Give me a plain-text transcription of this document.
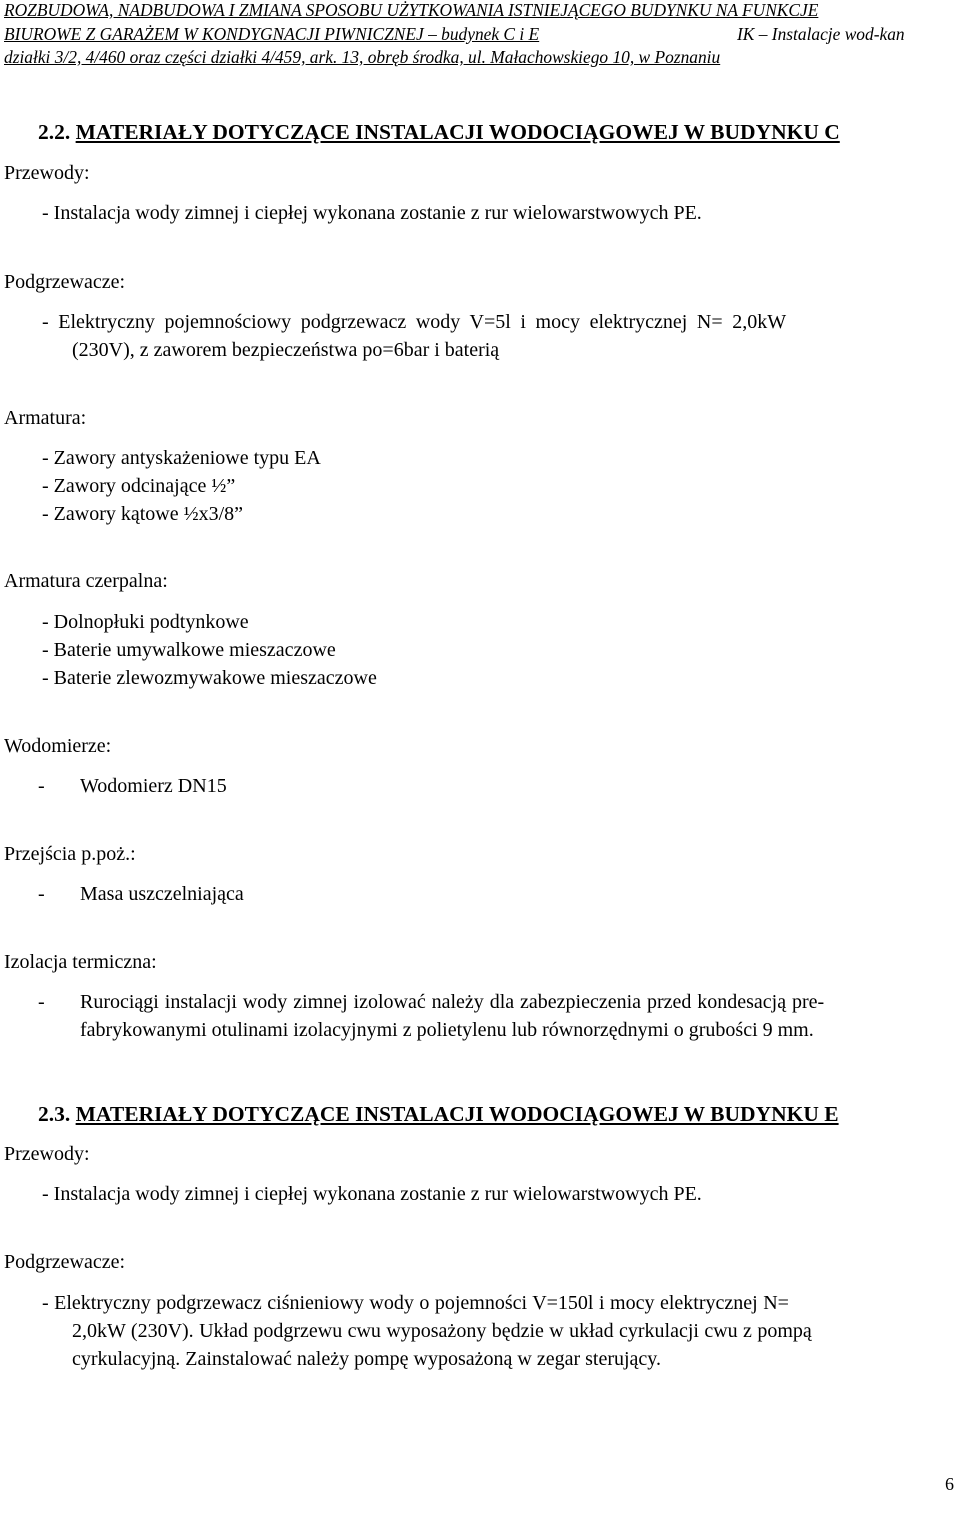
ROZBUDOWA, NADBUDOWA I ZMIANA SPOSOBU UŻYTKOWANIA ISTNIEJĄCEGO BUDYNKU NA FUNKCJE
BIUROWE Z GARAŻEM W KONDYGNACJI PIWNICZNEJ – budynek C i E	IK – Instalacje wod-kan
działki 3/2, 4/460 oraz części działki 4/459, ark. 13, obręb środka, ul. Małachowskiego 10, w Poznaniu
2.2. MATERIAŁY DOTYCZĄCE INSTALACJI WODOCIĄGOWEJ W BUDYNKU C
Przewody:
- Instalacja wody zimnej i ciepłej wykonana zostanie z rur wielowarstwowych PE.
Podgrzewacze:
- Elektryczny pojemnościowy podgrzewacz wody V=5l i mocy elektrycznej N= 2,0kW
(230V), z zaworem bezpieczeństwa po=6bar i baterią
Armatura:
- Zawory antyskażeniowe typu EA
- Zawory odcinające ½”
- Zawory kątowe ½x3/8”
Armatura czerpalna:
- Dolnopłuki podtynkowe
- Baterie umywalkowe mieszaczowe
- Baterie zlewozmywakowe mieszaczowe
Wodomierze:
- Wodomierz DN15
Przejścia p.poż.:
- Masa uszczelniająca
Izolacja termiczna:
- Rurociągi instalacji wody zimnej izolować należy dla zabezpieczenia przed kondesacją pre-
fabrykowanymi otulinami izolacyjnymi z polietylenu lub równorzędnymi o grubości 9 mm.
2.3. MATERIAŁY DOTYCZĄCE INSTALACJI WODOCIĄGOWEJ W BUDYNKU E
Przewody:
- Instalacja wody zimnej i ciepłej wykonana zostanie z rur wielowarstwowych PE.
Podgrzewacze:
- Elektryczny podgrzewacz ciśnieniowy wody o pojemności V=150l i mocy elektrycznej N=
2,0kW (230V). Układ podgrzewu cwu wyposażony będzie w układ cyrkulacji cwu z pompą
cyrkulacyjną. Zainstalować należy pompę wyposażoną w zegar sterujący.
6
